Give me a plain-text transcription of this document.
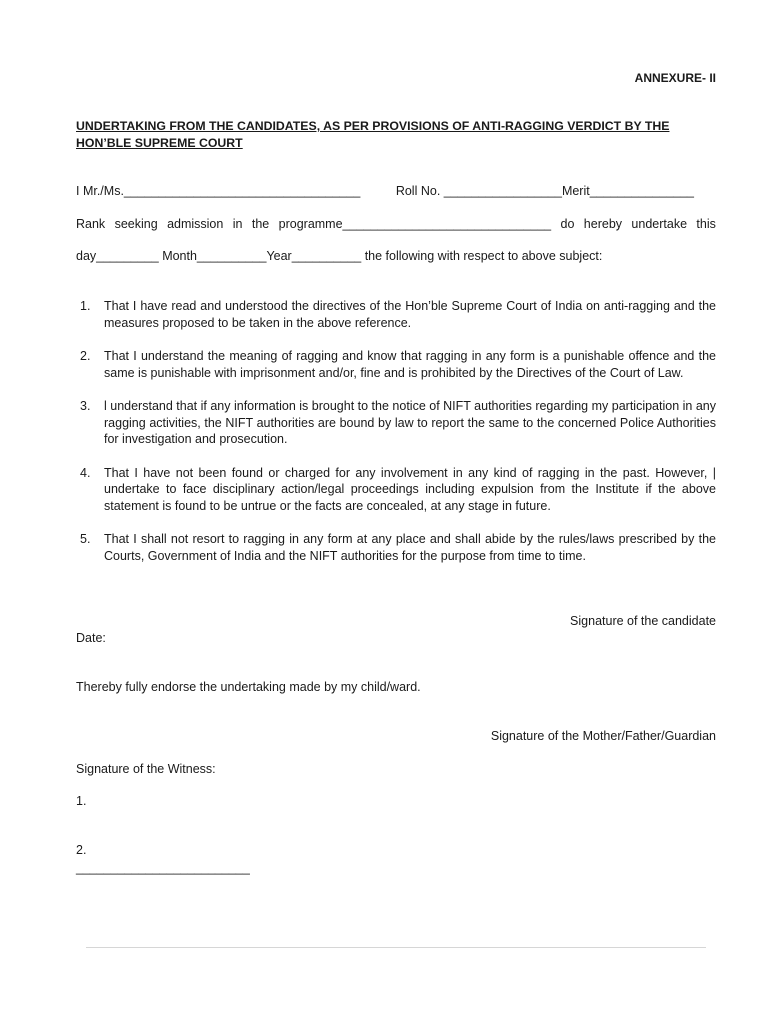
ANNEXURE- II
UNDERTAKING FROM THE CANDIDATES, AS PER PROVISIONS OF ANTI-RAGGING VERDICT BY THE HON’BLE SUPREME COURT
I Mr./Ms.__________________________________	Roll No. _________________Merit_______________
Rank seeking admission in the programme______________________________ do hereby undertake this
day_________ Month__________Year__________ the following with respect to above subject:
1. That I have read and understood the directives of the Hon’ble Supreme Court of India on anti-ragging and the measures proposed to be taken in the above reference.
2. That I understand the meaning of ragging and know that ragging in any form is a punishable offence and the same is punishable with imprisonment and/or, fine and is prohibited by the Directives of the Court of Law.
3. l understand that if any information is brought to the notice of NIFT authorities regarding my participation in any ragging activities, the NIFT authorities are bound by law to report the same to the concerned Police Authorities for investigation and prosecution.
4. That I have not been found or charged for any involvement in any kind of ragging in the past. However, | undertake to face disciplinary action/legal proceedings including expulsion from the Institute if the above statement is found to be untrue or the facts are concealed, at any stage in future.
5. That I shall not resort to ragging in any form at any place and shall abide by the rules/laws prescribed by the Courts, Government of India and the NIFT authorities for the purpose from time to time.
Signature of the candidate
Date:
Thereby fully endorse the undertaking made by my child/ward.
Signature of the Mother/Father/Guardian
Signature of the Witness:
1.
2.
_________________________
